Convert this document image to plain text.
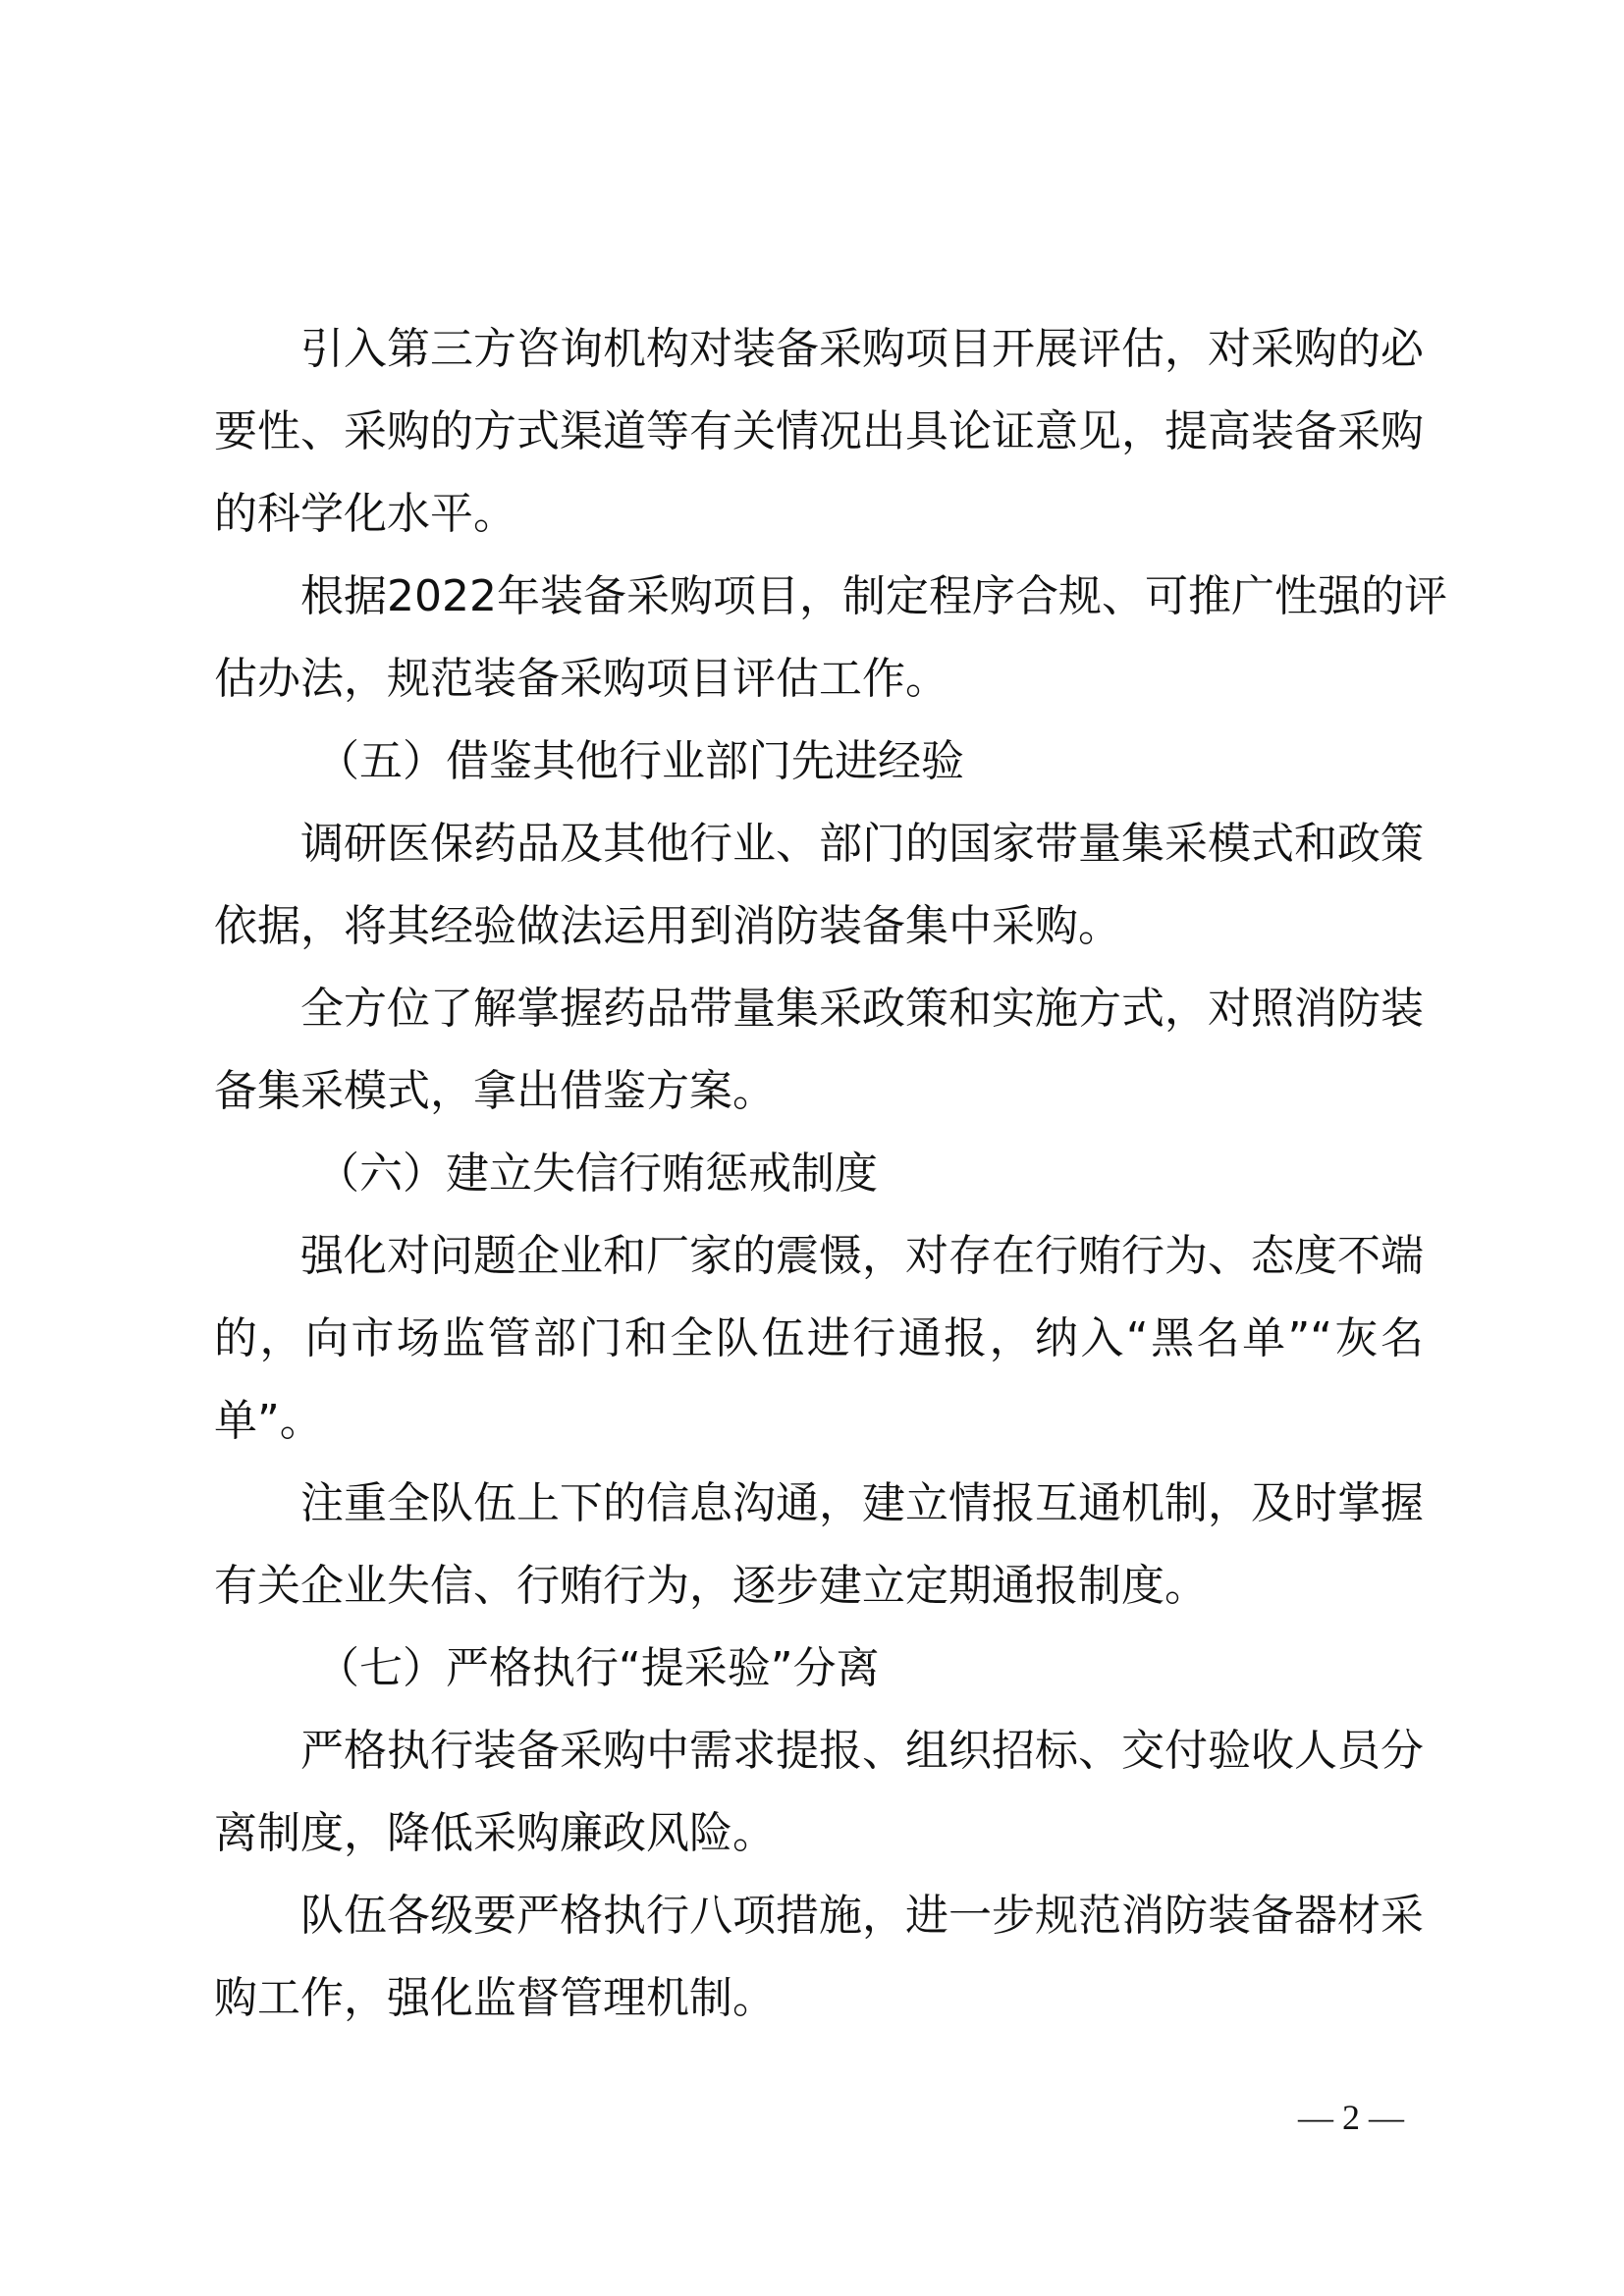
引入第三方咨询机构对装备采购项目开展评估，对采购的必
要性、采购的方式渠道等有关情况出具论证意见，提高装备采购
的科学化水平。
根据2022年装备采购项目，制定程序合规、可推广性强的评
估办法，规范装备采购项目评估工作。
（五）借鉴其他行业部门先进经验
调研医保药品及其他行业、部门的国家带量集采模式和政策
依据，将其经验做法运用到消防装备集中采购。
全方位了解掌握药品带量集采政策和实施方式，对照消防装
备集采模式，拿出借鉴方案。
（六）建立失信行贿惩戒制度
强化对问题企业和厂家的震慑，对存在行贿行为、态度不端
的，向市场监管部门和全队伍进行通报，纳入“黑名单”“灰名
单”。
注重全队伍上下的信息沟通，建立情报互通机制，及时掌握
有关企业失信、行贿行为，逐步建立定期通报制度。
（七）严格执行“提采验”分离
严格执行装备采购中需求提报、组织招标、交付验收人员分
离制度，降低采购廉政风险。
队伍各级要严格执行八项措施，进一步规范消防装备器材采
购工作，强化监督管理机制。
— 2 —
